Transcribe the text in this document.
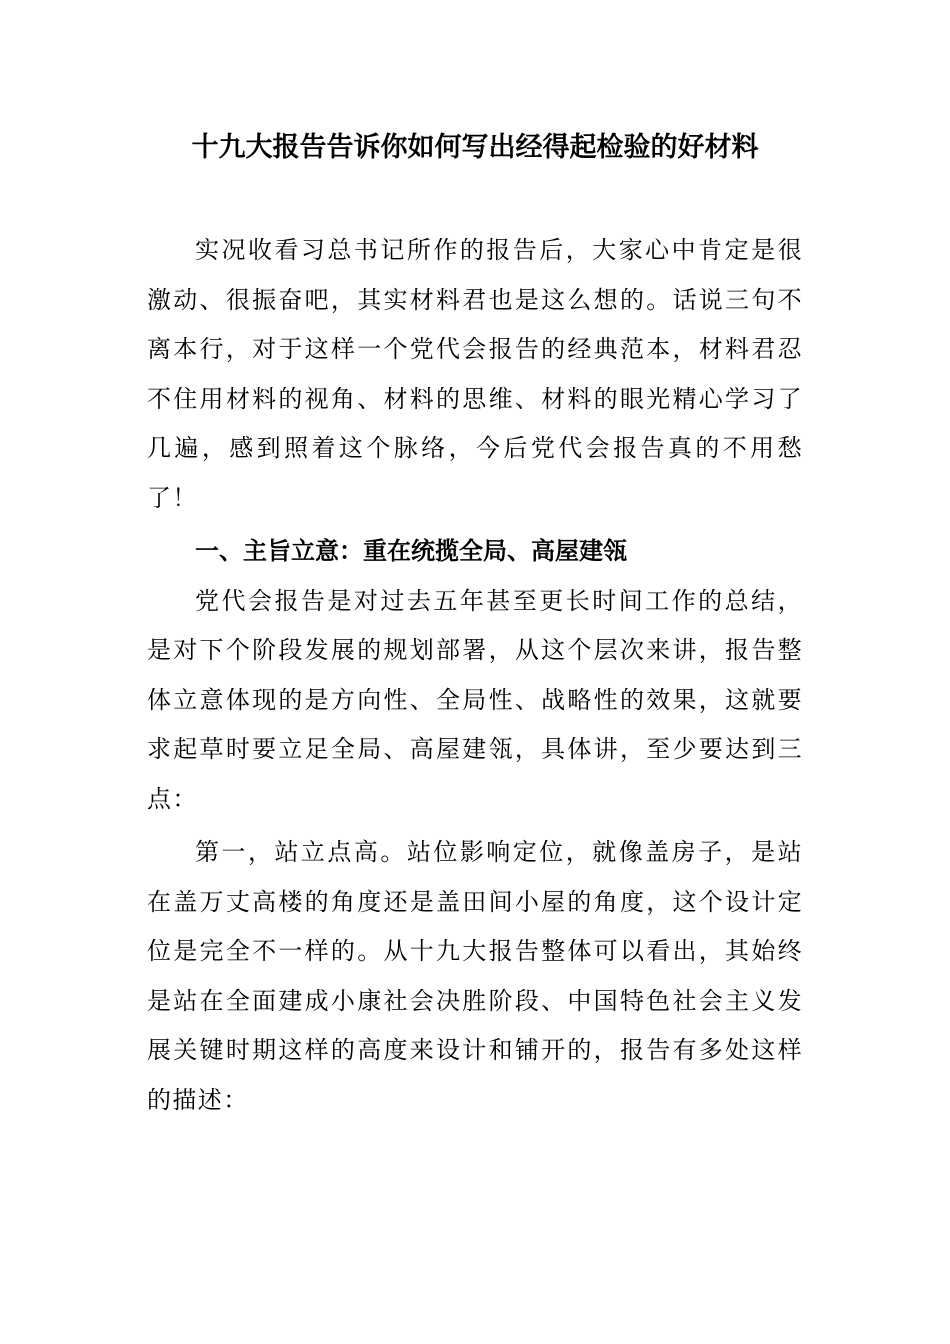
十九大报告告诉你如何写出经得起检验的好材料

实况收看习总书记所作的报告后，大家心中肯定是很激动、很振奋吧，其实材料君也是这么想的。话说三句不离本行，对于这样一个党代会报告的经典范本，材料君忍不住用材料的视角、材料的思维、材料的眼光精心学习了几遍，感到照着这个脉络，今后党代会报告真的不用愁了！

一、主旨立意：重在统揽全局、高屋建瓴

党代会报告是对过去五年甚至更长时间工作的总结，是对下个阶段发展的规划部署，从这个层次来讲，报告整体立意体现的是方向性、全局性、战略性的效果，这就要求起草时要立足全局、高屋建瓴，具体讲，至少要达到三点：

第一，站立点高。站位影响定位，就像盖房子，是站在盖万丈高楼的角度还是盖田间小屋的角度，这个设计定位是完全不一样的。从十九大报告整体可以看出，其始终是站在全面建成小康社会决胜阶段、中国特色社会主义发展关键时期这样的高度来设计和铺开的，报告有多处这样的描述：
